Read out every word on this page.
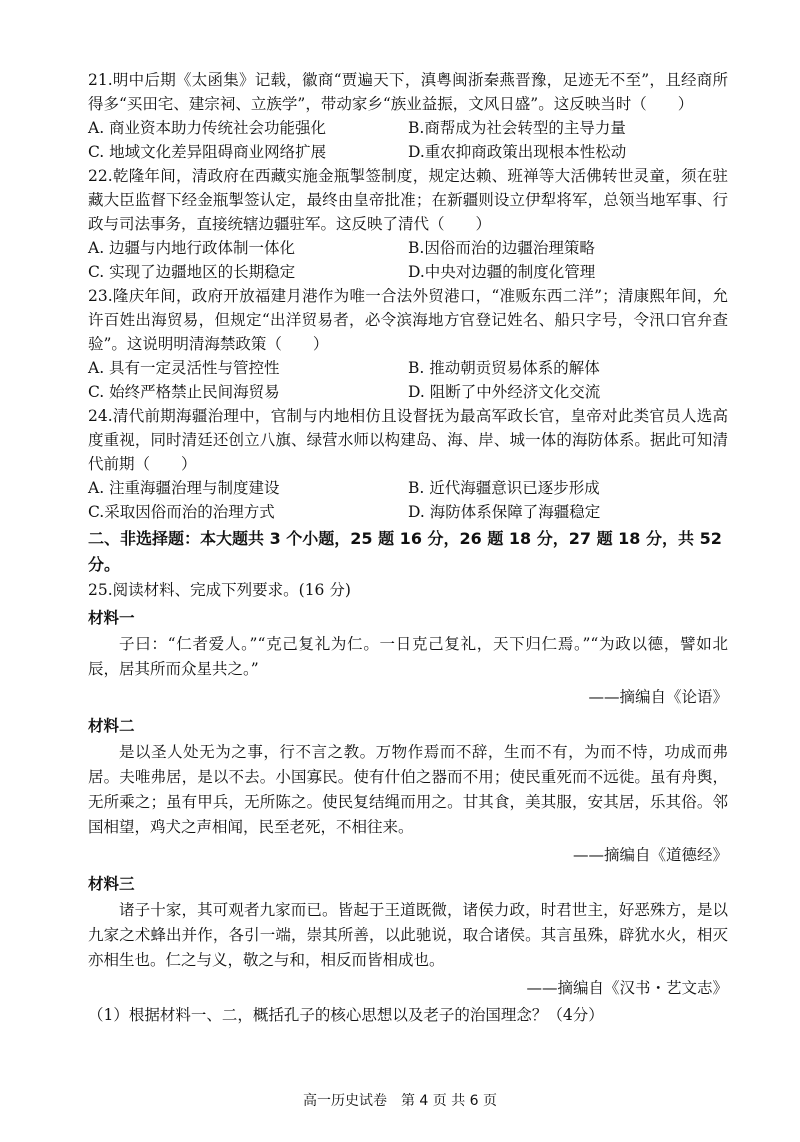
21.明中后期《太函集》记载，徽商“贾遍天下，滇粤闽浙秦燕晋豫，足迹无不至”，且经商所得多“买田宅、建宗祠、立族学”，带动家乡“族业益振，文风日盛”。这反映当时（　　）

A. 商业资本助力传统社会功能强化	B.商帮成为社会转型的主导力量
C. 地域文化差异阻碍商业网络扩展	D.重农抑商政策出现根本性松动

22.乾隆年间，清政府在西藏实施金瓶掣签制度，规定达赖、班禅等大活佛转世灵童，须在驻藏大臣监督下经金瓶掣签认定，最终由皇帝批准；在新疆则设立伊犁将军，总领当地军事、行政与司法事务，直接统辖边疆驻军。这反映了清代（　　）

A. 边疆与内地行政体制一体化	B.因俗而治的边疆治理策略
C. 实现了边疆地区的长期稳定	D.中央对边疆的制度化管理

23.隆庆年间，政府开放福建月港作为唯一合法外贸港口，“准贩东西二洋”；清康熙年间，允许百姓出海贸易，但规定“出洋贸易者，必令滨海地方官登记姓名、船只字号，令汛口官弁查验”。这说明明清海禁政策（　　）

A. 具有一定灵活性与管控性	B. 推动朝贡贸易体系的解体
C. 始终严格禁止民间海贸易	D. 阻断了中外经济文化交流

24.清代前期海疆治理中，官制与内地相仿且设督抚为最高军政长官，皇帝对此类官员人选高度重视，同时清廷还创立八旗、绿营水师以构建岛、海、岸、城一体的海防体系。据此可知清代前期（　　）

A. 注重海疆治理与制度建设	B. 近代海疆意识已逐步形成
C.采取因俗而治的治理方式	D. 海防体系保障了海疆稳定

二、非选择题：本大题共 3 个小题，25 题 16 分，26 题 18 分，27 题 18 分，共 52 分。

25.阅读材料、完成下列要求。(16 分)

材料一

子曰：“仁者爱人。”“克己复礼为仁。一日克己复礼，天下归仁焉。”“为政以德，譬如北辰，居其所而众星共之。”

——摘编自《论语》

材料二

是以圣人处无为之事，行不言之教。万物作焉而不辞，生而不有，为而不恃，功成而弗居。夫唯弗居，是以不去。小国寡民。使有什伯之器而不用；使民重死而不远徙。虽有舟舆，无所乘之；虽有甲兵，无所陈之。使民复结绳而用之。甘其食，美其服，安其居，乐其俗。邻国相望，鸡犬之声相闻，民至老死，不相往来。

——摘编自《道德经》

材料三

诸子十家，其可观者九家而已。皆起于王道既微，诸侯力政，时君世主，好恶殊方，是以九家之术蜂出并作，各引一端，崇其所善，以此驰说，取合诸侯。其言虽殊，辟犹水火，相灭亦相生也。仁之与义，敬之与和，相反而皆相成也。

——摘编自《汉书・艺文志》

（1）根据材料一、二，概括孔子的核心思想以及老子的治国理念？（4分）

高一历史试卷　第 4 页 共 6 页
